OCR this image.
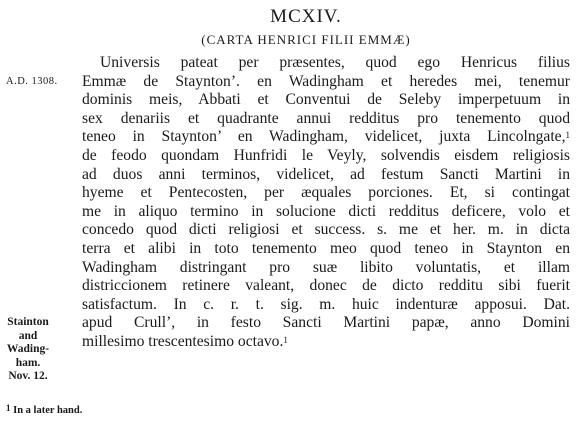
MCXIV.
(CARTA HENRICI FILII EMMÆ)
A.D. 1308.
Stainton
and
Wading-
ham.
Nov. 12.
Universis pateat per præsentes, quod ego Henricus filius
Emmæ de Staynton’. en Wadingham et heredes mei, tenemur
dominis meis, Abbati et Conventui de Seleby imperpetuum in
sex denariis et quadrante annui redditus pro tenemento quod
teneo in Staynton’ en Wadingham, videlicet, juxta Lincolngate,$^1$
de feodo quondam Hunfridi le Veyly, solvendis eisdem religiosis
ad duos anni terminos, videlicet, ad festum Sancti Martini in
hyeme et Pentecosten, per æquales porciones. Et, si contingat
me in aliquo termino in solucione dicti redditus deficere, volo et
concedo quod dicti religiosi et success. s. me et her. m. in dicta
terra et alibi in toto tenemento meo quod teneo in Staynton en
Wadingham distringant pro suæ libito voluntatis, et illam
districcionem retinere valeant, donec de dicto redditu sibi fuerit
satisfactum. In c. r. t. sig. m. huic indenturæ apposui. Dat.
apud Crull’, in festo Sancti Martini papæ, anno Domini
millesimo trescentesimo octavo.$^1$
$^1$ In a later hand.
